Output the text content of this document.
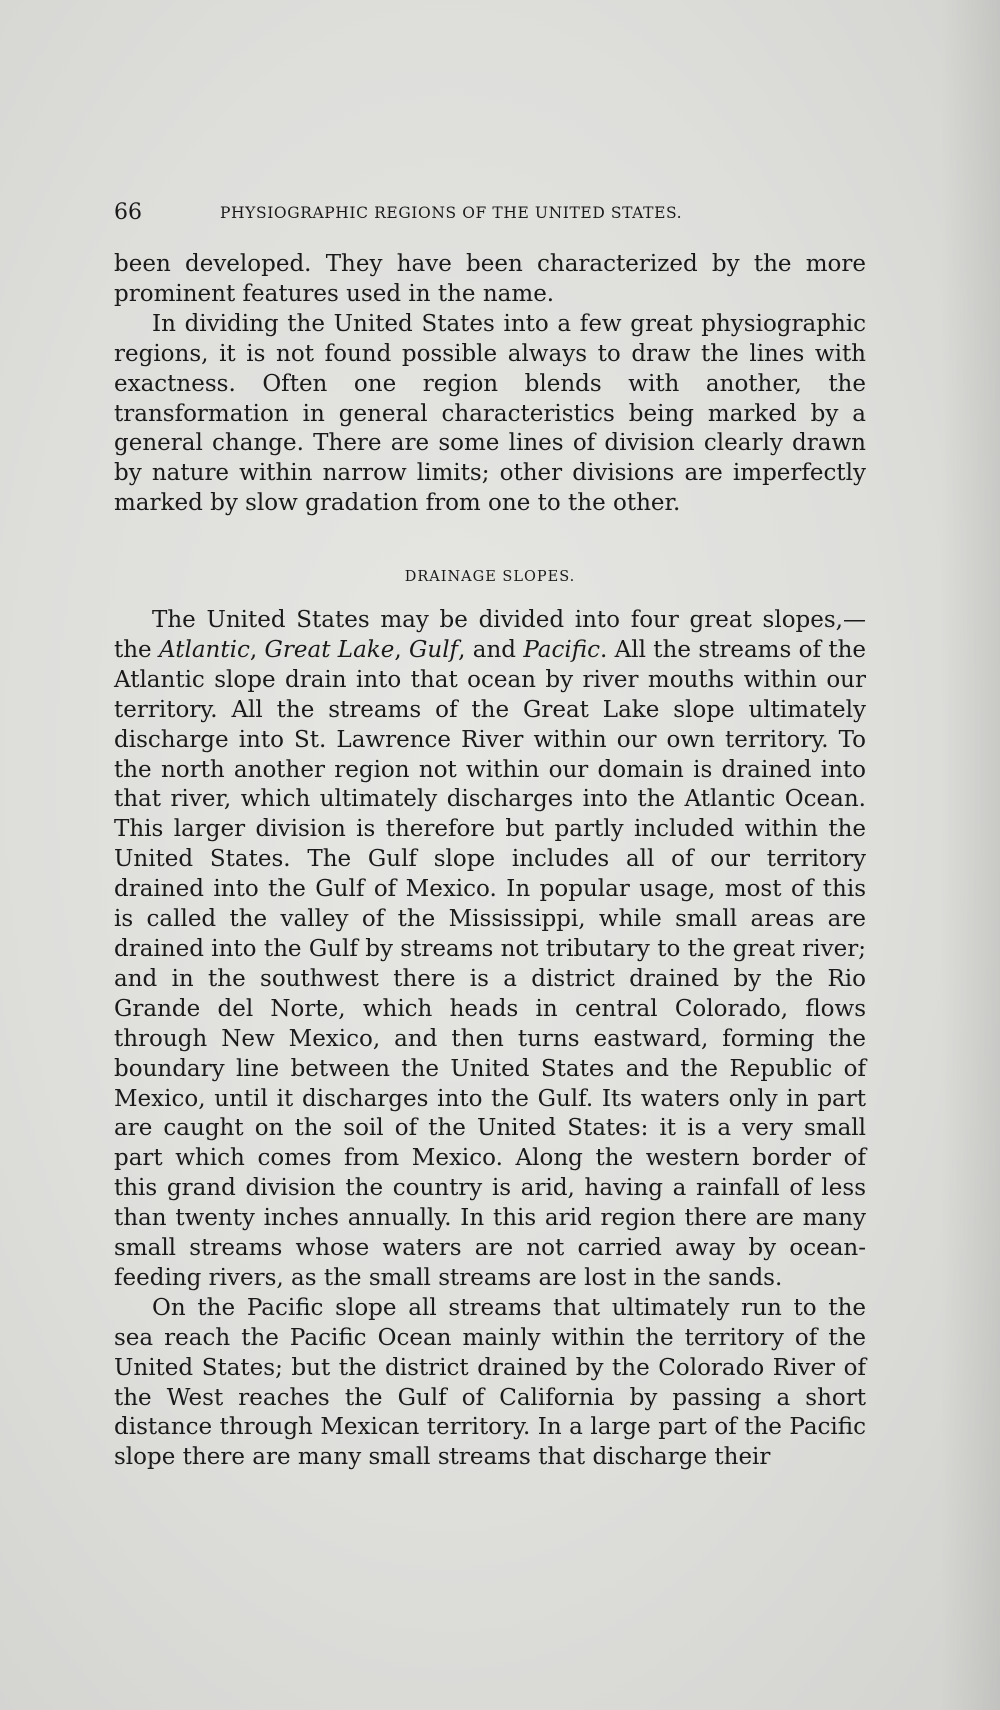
66	PHYSIOGRAPHIC REGIONS OF THE UNITED STATES.

been developed. They have been characterized by the more prominent features used in the name.

In dividing the United States into a few great physiographic regions, it is not found possible always to draw the lines with exactness. Often one region blends with another, the transformation in general characteristics being marked by a general change. There are some lines of division clearly drawn by nature within narrow limits; other divisions are imperfectly marked by slow gradation from one to the other.

DRAINAGE SLOPES.

The United States may be divided into four great slopes,—the Atlantic, Great Lake, Gulf, and Pacific. All the streams of the Atlantic slope drain into that ocean by river mouths within our territory. All the streams of the Great Lake slope ultimately discharge into St. Lawrence River within our own territory. To the north another region not within our domain is drained into that river, which ultimately discharges into the Atlantic Ocean. This larger division is therefore but partly included within the United States. The Gulf slope includes all of our territory drained into the Gulf of Mexico. In popular usage, most of this is called the valley of the Mississippi, while small areas are drained into the Gulf by streams not tributary to the great river; and in the southwest there is a district drained by the Rio Grande del Norte, which heads in central Colorado, flows through New Mexico, and then turns eastward, forming the boundary line between the United States and the Republic of Mexico, until it discharges into the Gulf. Its waters only in part are caught on the soil of the United States: it is a very small part which comes from Mexico. Along the western border of this grand division the country is arid, having a rainfall of less than twenty inches annually. In this arid region there are many small streams whose waters are not carried away by ocean-feeding rivers, as the small streams are lost in the sands.

On the Pacific slope all streams that ultimately run to the sea reach the Pacific Ocean mainly within the territory of the United States; but the district drained by the Colorado River of the West reaches the Gulf of California by passing a short distance through Mexican territory. In a large part of the Pacific slope there are many small streams that discharge their
